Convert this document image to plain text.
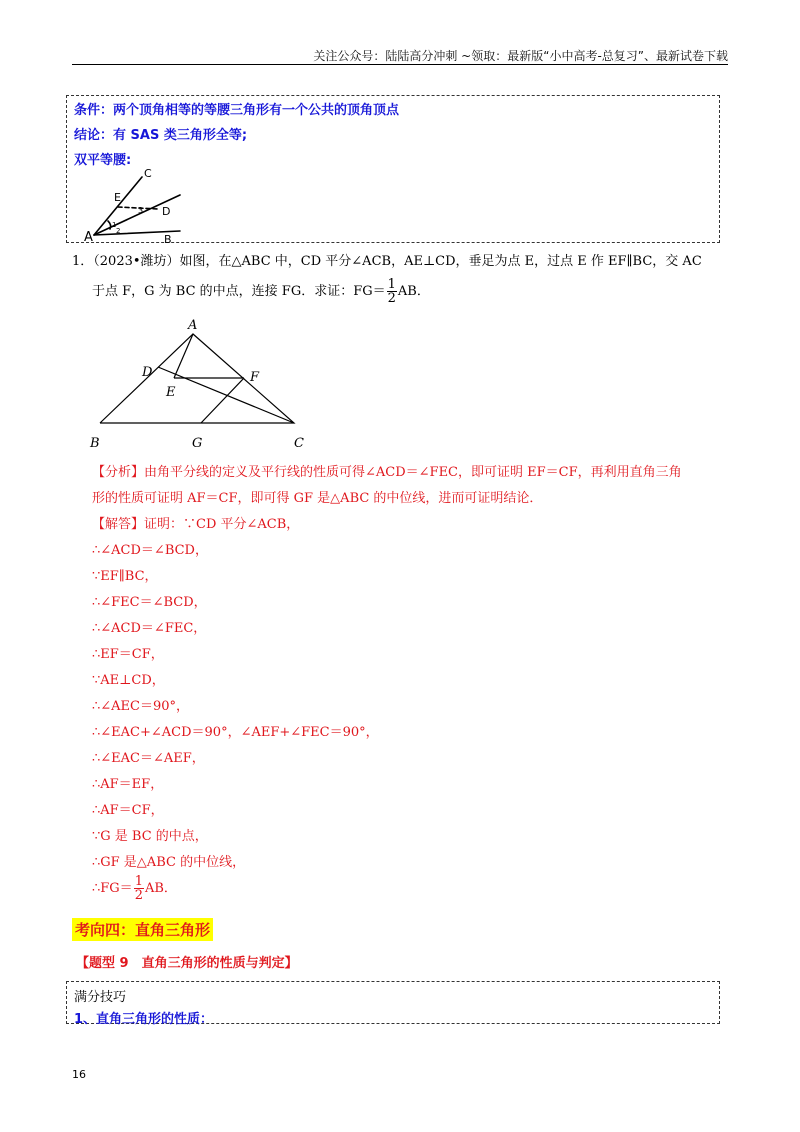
关注公众号：陆陆高分冲刺 ~领取：最新版“小中高考-总复习”、最新试卷下载
条件：两个顶角相等的等腰三角形有一个公共的顶角顶点
结论：有 SAS 类三角形全等;
双平等腰:
A	B
C
D
E
1
2
3
1．（2023•潍坊）如图，在△ABC 中，CD 平分∠ACB，AE⊥CD，垂足为点 E，过点 E 作 EF∥BC，交 AC
于点 F，G 为 BC 的中点，连接 FG．求证：$FG= \frac{1}{2}$ AB．
A
B	C
D
E
F
G
【分析】由角平分线的定义及平行线的性质可得∠ACD＝∠FEC，即可证明 EF＝CF，再利用直角三角
形的性质可证明 AF＝CF，即可得 GF 是△ABC 的中位线，进而可证明结论．
【解答】证明：∵CD 平分∠ACB，
∴∠ACD＝∠BCD，
∵EF∥BC，
∴∠FEC＝∠BCD，
∴∠ACD＝∠FEC，
∴EF＝CF，
∵AE⊥CD，
∴∠AEC＝90°，
∴∠EAC+∠ACD＝90°，∠AEF+∠FEC＝90°，
∴∠EAC＝∠AEF，
∴AF＝EF，
∴AF＝CF，
∵G 是 BC 的中点，
∴GF 是△ABC 的中位线，
∴FG＝ $\frac{1}{2}$ AB．
考向四：直角三角形
【题型 9　直角三角形的性质与判定】
满分技巧
1、直角三角形的性质：
16
